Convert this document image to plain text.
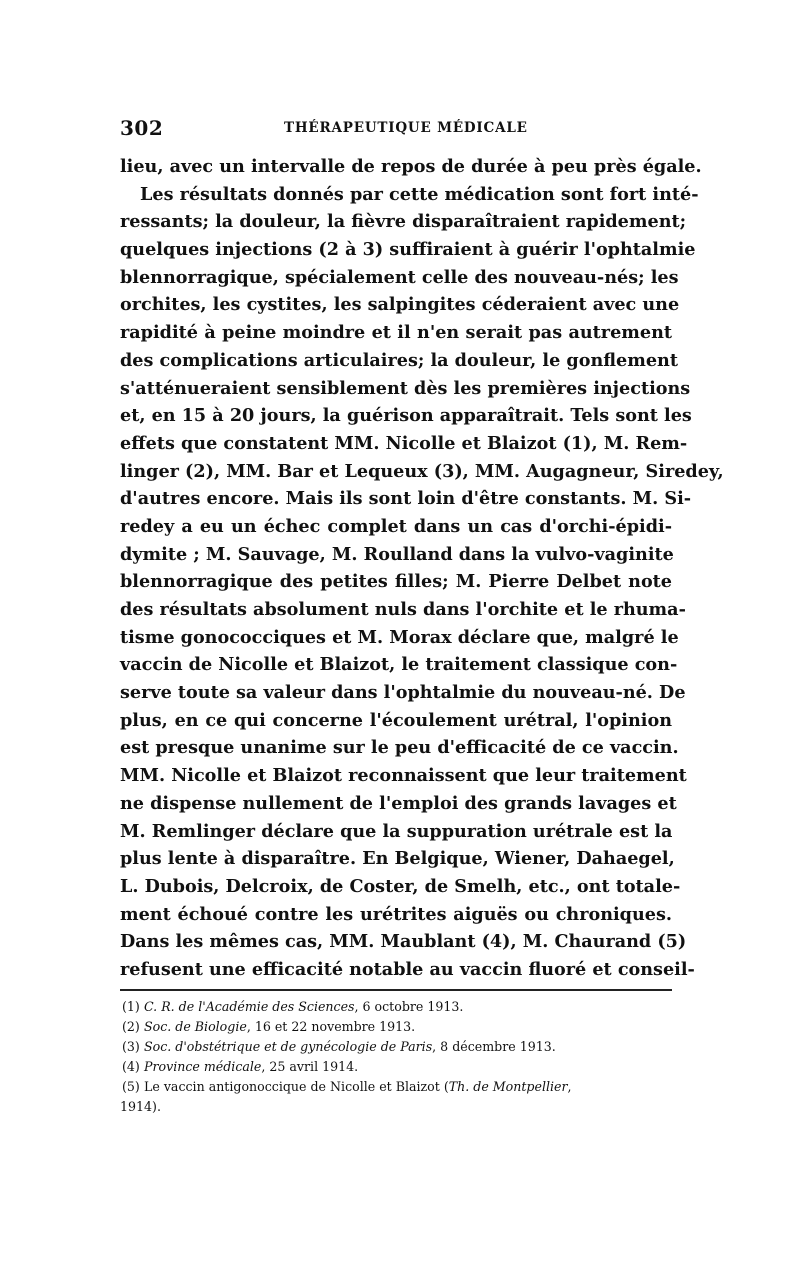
302	THÉRAPEUTIQUE MÉDICALE
lieu, avec un intervalle de repos de durée à peu près égale.
Les résultats donnés par cette médication sont fort inté-
ressants; la douleur, la fièvre disparaîtraient rapidement;
quelques injections (2 à 3) suffiraient à guérir l'ophtalmie
blennorragique, spécialement celle des nouveau-nés; les
orchites, les cystites, les salpingites céderaient avec une
rapidité à peine moindre et il n'en serait pas autrement
des complications articulaires; la douleur, le gonflement
s'atténueraient sensiblement dès les premières injections
et, en 15 à 20 jours, la guérison apparaîtrait. Tels sont les
effets que constatent MM. Nicolle et Blaizot (1), M. Rem-
linger (2), MM. Bar et Lequeux (3), MM. Augagneur, Siredey,
d'autres encore. Mais ils sont loin d'être constants. M. Si-
redey a eu un échec complet dans un cas d'orchi-épidi-
dymite ; M. Sauvage, M. Roulland dans la vulvo-vaginite
blennorragique des petites filles; M. Pierre Delbet note
des résultats absolument nuls dans l'orchite et le rhuma-
tisme gonococciques et M. Morax déclare que, malgré le
vaccin de Nicolle et Blaizot, le traitement classique con-
serve toute sa valeur dans l'ophtalmie du nouveau-né. De
plus, en ce qui concerne l'écoulement urétral, l'opinion
est presque unanime sur le peu d'efficacité de ce vaccin.
MM. Nicolle et Blaizot reconnaissent que leur traitement
ne dispense nullement de l'emploi des grands lavages et
M. Remlinger déclare que la suppuration urétrale est la
plus lente à disparaître. En Belgique, Wiener, Dahaegel,
L. Dubois, Delcroix, de Coster, de Smelh, etc., ont totale-
ment échoué contre les urétrites aiguës ou chroniques.
Dans les mêmes cas, MM. Maublant (4), M. Chaurand (5)
refusent une efficacité notable au vaccin fluoré et conseil-
(1) C. R. de l'Académie des Sciences, 6 octobre 1913.
(2) Soc. de Biologie, 16 et 22 novembre 1913.
(3) Soc. d'obstétrique et de gynécologie de Paris, 8 décembre 1913.
(4) Province médicale, 25 avril 1914.
(5) Le vaccin antigonoccique de Nicolle et Blaizot (Th. de Montpellier,
1914).
